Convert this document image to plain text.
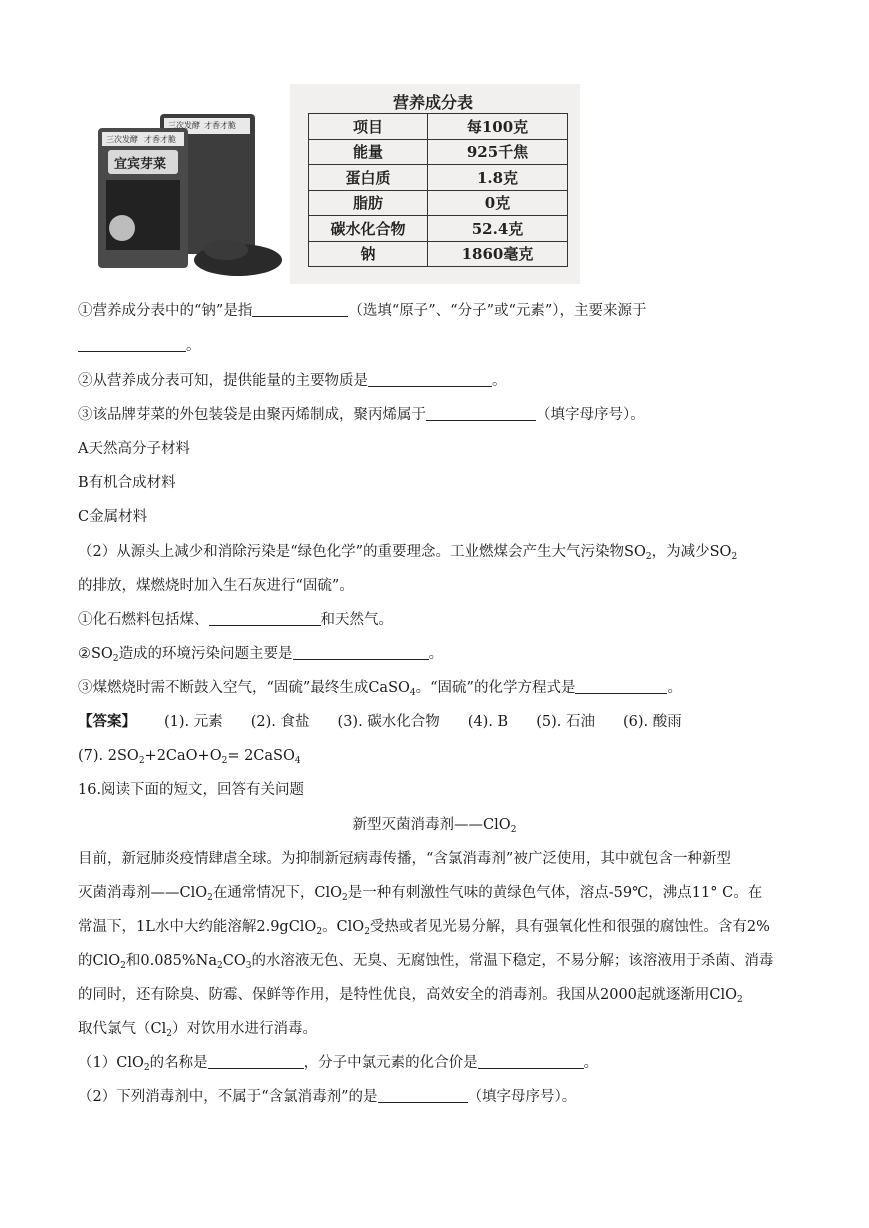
三次发酵 才香才脆
三次发酵 才香才脆
宜宾芽菜
营养成分表
项目	每100克
能量	925千焦
蛋白质	1.8克
脂肪	0克
碳水化合物	52.4克
钠	1860毫克
①营养成分表中的“钠”是指	（选填“原子”、“分子”或“元素”），主要来源于
。
②从营养成分表可知，提供能量的主要物质是	。
③该品牌芽菜的外包装袋是由聚丙烯制成，聚丙烯属于	（填字母序号）。
A天然高分子材料
B有机合成材料
C金属材料
（2）从源头上减少和消除污染是“绿色化学”的重要理念。工业燃煤会产生大气污染物$SO_2$，为减少$SO_2$
的排放，煤燃烧时加入生石灰进行“固硫”。
①化石燃料包括煤、	和天然气。
$②SO_2$造成的环境污染问题主要是	。
③煤燃烧时需不断鼓入空气，“固硫”最终生成CaSO$_4$。“固硫”的化学方程式是	。
【答案】 (1). 元素 (2). 食盐 (3). 碳水化合物 (4). B (5). 石油 (6). 酸雨
(7). $2SO_2+2CaO+O_2=$ 2CaSO$_4$
16.阅读下面的短文，回答有关问题
新型灭菌消毒剂——ClO$_2$
目前，新冠肺炎疫情肆虐全球。为抑制新冠病毒传播，“含氯消毒剂”被广泛使用，其中就包含一种新型
灭菌消毒剂——ClO$_2$在通常情况下，ClO$_2$是一种有刺激性气味的黄绿色气体，溶点-59℃，沸点11° C。在
常温下，1L水中大约能溶解2.9gClO$_2$。ClO$_2$受热或者见光易分解，具有强氧化性和很强的腐蚀性。含有2%
的ClO$_2$和$0.085\%Na_2CO_3$的水溶液无色、无臭、无腐蚀性，常温下稳定，不易分解；该溶液用于杀菌、消毒
的同时，还有除臭、防霉、保鲜等作用，是特性优良，高效安全的消毒剂。我国从2000起就逐渐用ClO$_2$
取代氯气$(Cl_2)$对饮用水进行消毒。
（1）ClO$_2$的名称是	，分子中氯元素的化合价是	。
（2）下列消毒剂中，不属于“含氯消毒剂”的是	（填字母序号）。
